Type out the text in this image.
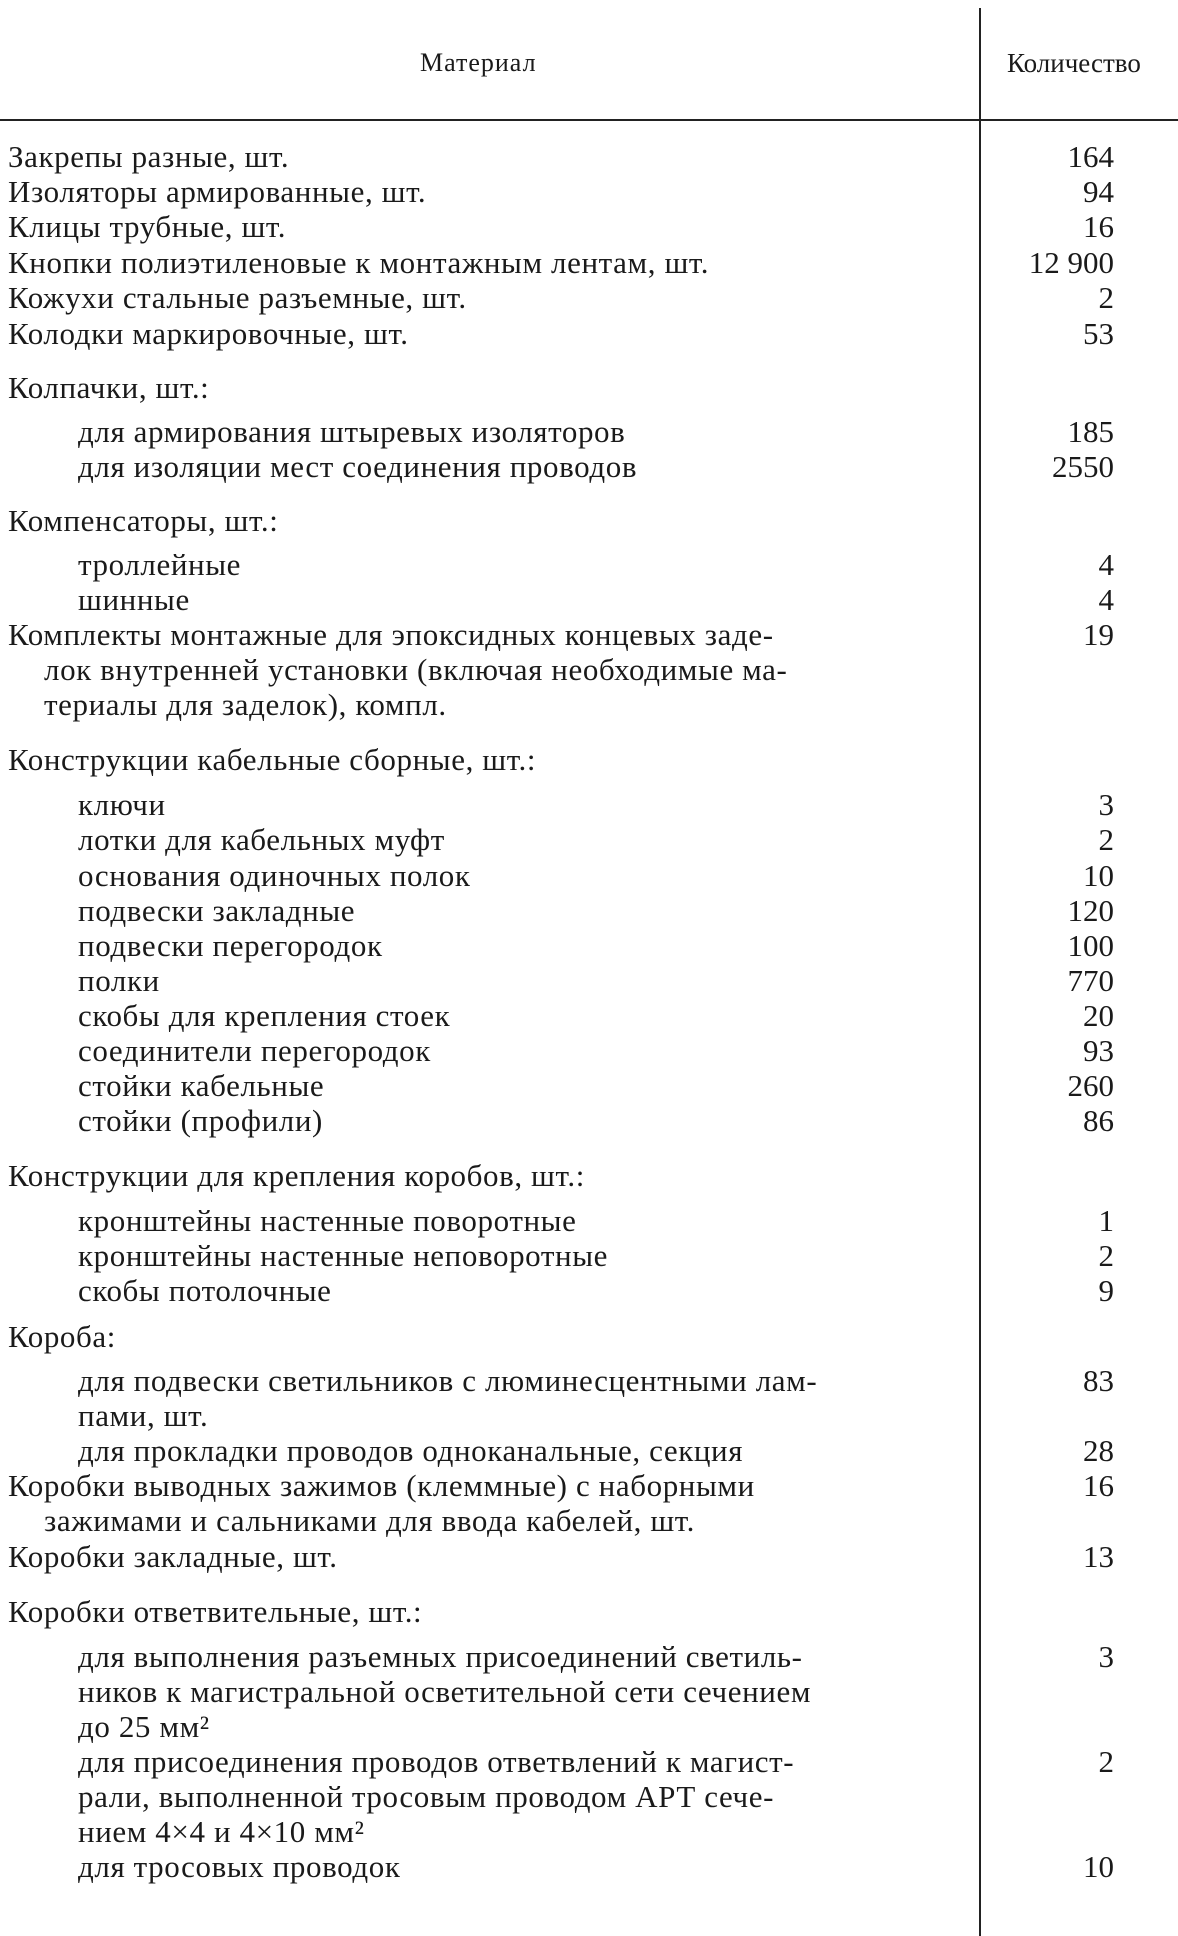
Материал	Количество
Закрепы разные, шт.	164
Изоляторы армированные, шт.	94
Клицы трубные, шт.	16
Кнопки полиэтиленовые к монтажным лентам, шт.	12 900
Кожухи стальные разъемные, шт.	2
Колодки маркировочные, шт.	53
Колпачки, шт.:
для армирования штыревых изоляторов	185
для изоляции мест соединения проводов	2550
Компенсаторы, шт.:
троллейные	4
шинные	4
Комплекты монтажные для эпоксидных концевых заде-	19
лок внутренней установки (включая необходимые ма-
териалы для заделок), компл.
Конструкции кабельные сборные, шт.:
ключи	3
лотки для кабельных муфт	2
основания одиночных полок	10
подвески закладные	120
подвески перегородок	100
полки	770
скобы для крепления стоек	20
соединители перегородок	93
стойки кабельные	260
стойки (профили)	86
Конструкции для крепления коробов, шт.:
кронштейны настенные поворотные	1
кронштейны настенные неповоротные	2
скобы потолочные	9
Короба:
для подвески светильников с люминесцентными лам-	83
пами, шт.
для прокладки проводов одноканальные, секция	28
Коробки выводных зажимов (клеммные) с наборными	16
зажимами и сальниками для ввода кабелей, шт.
Коробки закладные, шт.	13
Коробки ответвительные, шт.:
для выполнения разъемных присоединений светиль-	3
ников к магистральной осветительной сети сечением
до 25 мм²
для присоединения проводов ответвлений к магист-	2
рали, выполненной тросовым проводом АРТ сече-
нием 4×4 и 4×10 мм²
для тросовых проводок	10
